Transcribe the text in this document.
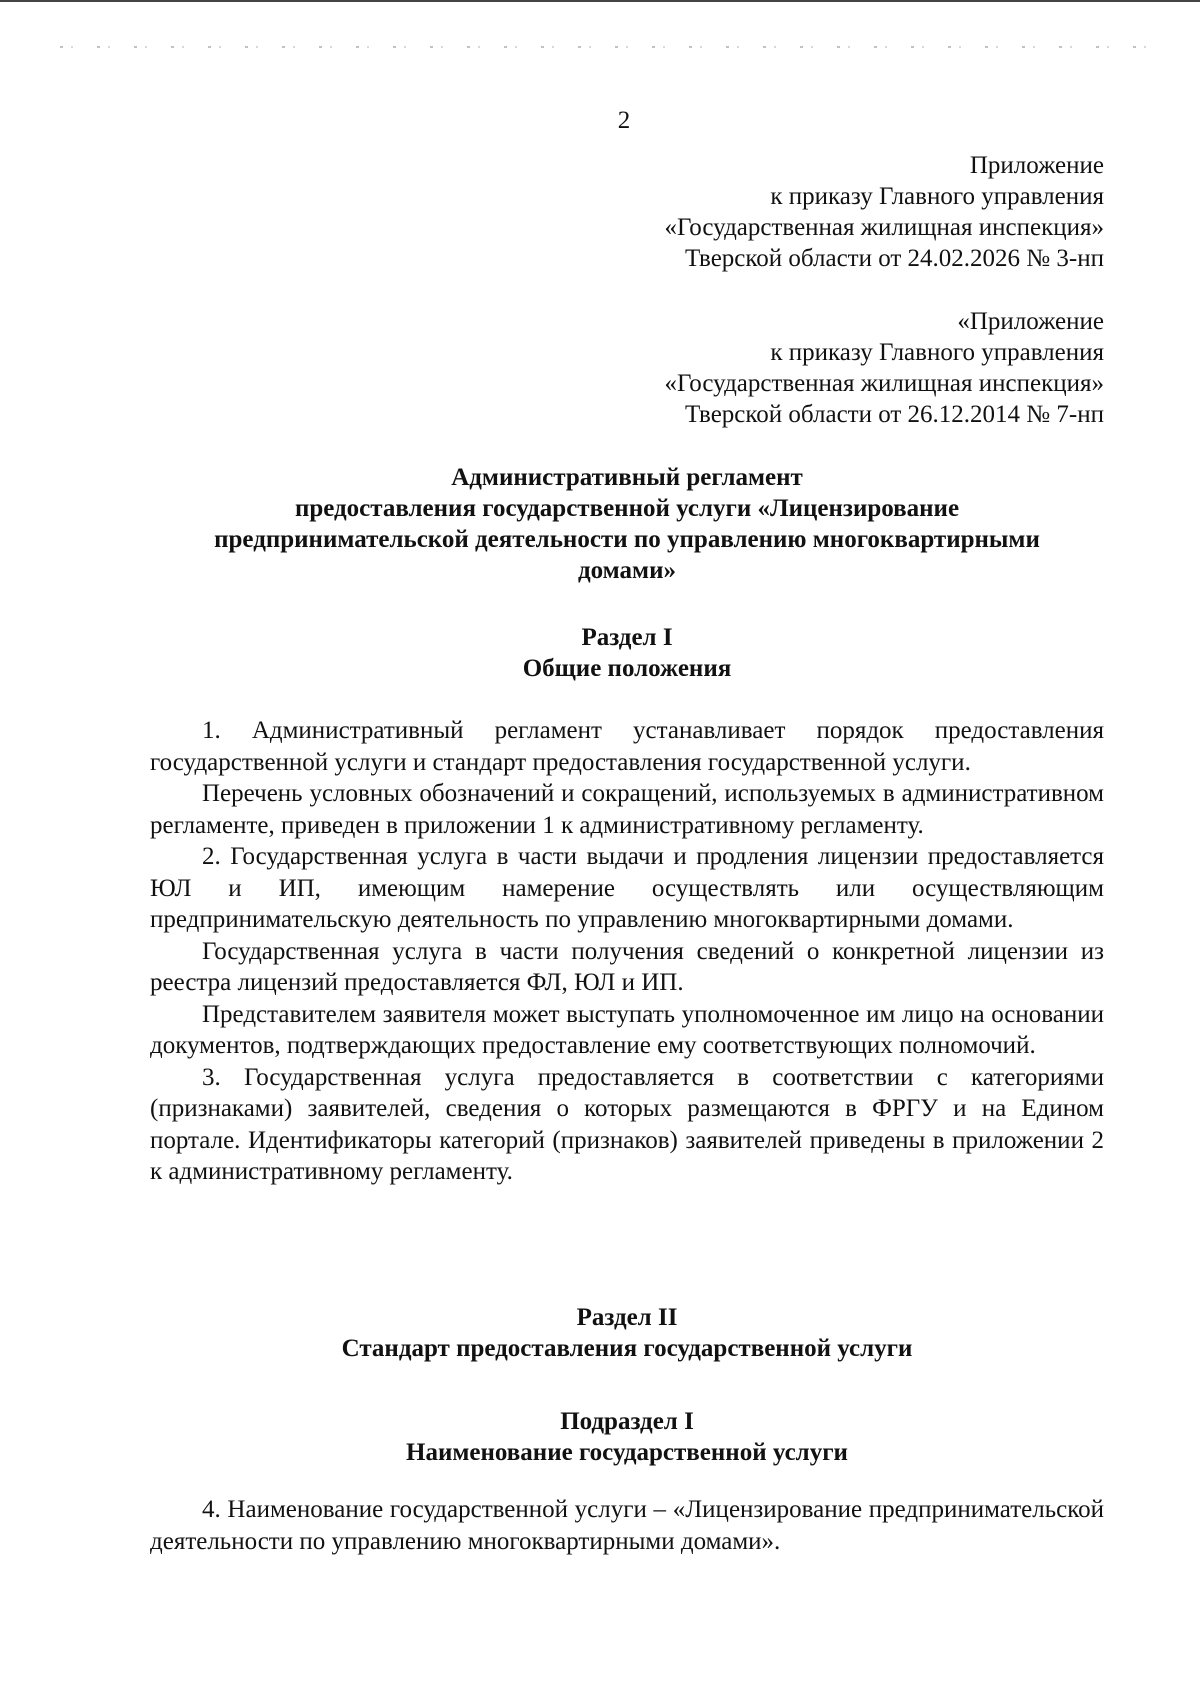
2
Приложение
к приказу Главного управления
«Государственная жилищная инспекция»
Тверской области от 24.02.2026 № 3-нп
«Приложение
к приказу Главного управления
«Государственная жилищная инспекция»
Тверской области от 26.12.2014 № 7-нп
Административный регламент
предоставления государственной услуги «Лицензирование
предпринимательской деятельности по управлению многоквартирными
домами»
Раздел I
Общие положения

1. Административный регламент устанавливает порядок предоставления государственной услуги и стандарт предоставления государственной услуги.

Перечень условных обозначений и сокращений, используемых в административном регламенте, приведен в приложении 1 к административному регламенту.

2. Государственная услуга в части выдачи и продления лицензии предоставляется ЮЛ и ИП, имеющим намерение осуществлять или осуществляющим предпринимательскую деятельность по управлению многоквартирными домами.

Государственная услуга в части получения сведений о конкретной лицензии из реестра лицензий предоставляется ФЛ, ЮЛ и ИП.

Представителем заявителя может выступать уполномоченное им лицо на основании документов, подтверждающих предоставление ему соответствующих полномочий.

3. Государственная услуга предоставляется в соответствии с категориями (признаками) заявителей, сведения о которых размещаются в ФРГУ и на Едином портале. Идентификаторы категорий (признаков) заявителей приведены в приложении 2 к административному регламенту.

Раздел II
Стандарт предоставления государственной услуги
Подраздел I
Наименование государственной услуги

4. Наименование государственной услуги – «Лицензирование предпринимательской деятельности по управлению многоквартирными домами».
